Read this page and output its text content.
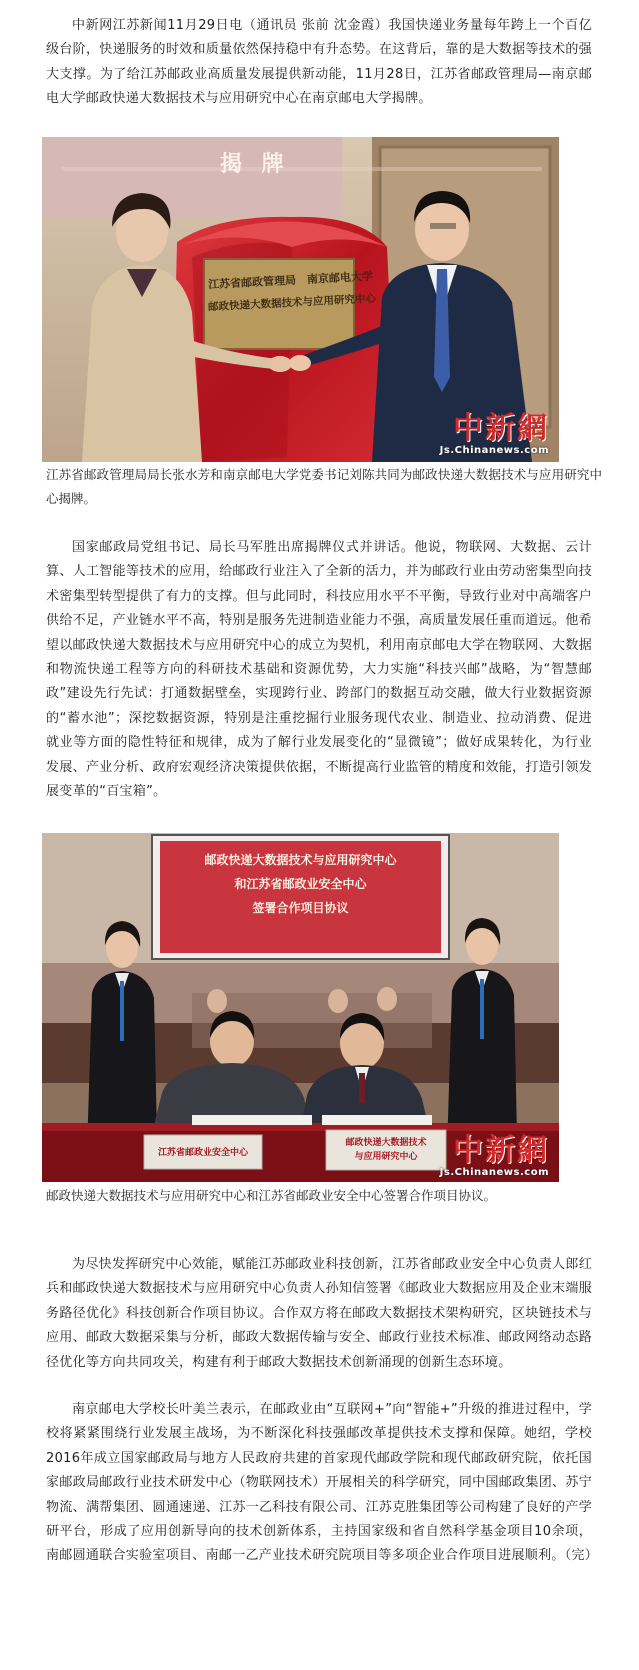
中新网江苏新闻11月29日电（通讯员 张前 沈金霞）我国快递业务量每年跨上一个百亿级台阶，快递服务的时效和质量依然保持稳中有升态势。在这背后，靠的是大数据等技术的强大支撑。为了给江苏邮政业高质量发展提供新动能，11月28日，江苏省邮政管理局—南京邮电大学邮政快递大数据技术与应用研究中心在南京邮电大学揭牌。

江苏省邮政管理局　南京邮电大学
邮政快递大数据技术与应用研究中心
揭 牌
中新網
Js.Chinanews.com

江苏省邮政管理局局长张水芳和南京邮电大学党委书记刘陈共同为邮政快递大数据技术与应用研究中心揭牌。

国家邮政局党组书记、局长马军胜出席揭牌仪式并讲话。他说，物联网、大数据、云计算、人工智能等技术的应用，给邮政行业注入了全新的活力，并为邮政行业由劳动密集型向技术密集型转型提供了有力的支撑。但与此同时，科技应用水平不平衡，导致行业对中高端客户供给不足，产业链水平不高，特别是服务先进制造业能力不强，高质量发展任重而道远。他希望以邮政快递大数据技术与应用研究中心的成立为契机，利用南京邮电大学在物联网、大数据和物流快递工程等方向的科研技术基础和资源优势，大力实施“科技兴邮”战略，为“智慧邮政”建设先行先试：打通数据壁垒，实现跨行业、跨部门的数据互动交融，做大行业数据资源的“蓄水池”；深挖数据资源，特别是注重挖掘行业服务现代农业、制造业、拉动消费、促进就业等方面的隐性特征和规律，成为了解行业发展变化的“显微镜”；做好成果转化，为行业发展、产业分析、政府宏观经济决策提供依据，不断提高行业监管的精度和效能，打造引领发展变革的“百宝箱”。

邮政快递大数据技术与应用研究中心
和江苏省邮政业安全中心
签署合作项目协议
江苏省邮政业安全中心
邮政快递大数据技术
与应用研究中心	中新網
Js.Chinanews.com

邮政快递大数据技术与应用研究中心和江苏省邮政业安全中心签署合作项目协议。

为尽快发挥研究中心效能，赋能江苏邮政业科技创新，江苏省邮政业安全中心负责人郎红兵和邮政快递大数据技术与应用研究中心负责人孙知信签署《邮政业大数据应用及企业末端服务路径优化》科技创新合作项目协议。合作双方将在邮政大数据技术架构研究，区块链技术与应用、邮政大数据采集与分析，邮政大数据传输与安全、邮政行业技术标准、邮政网络动态路径优化等方向共同攻关，构建有利于邮政大数据技术创新涌现的创新生态环境。

南京邮电大学校长叶美兰表示，在邮政业由“互联网+”向“智能+”升级的推进过程中，学校将紧紧围绕行业发展主战场，为不断深化科技强邮改革提供技术支撑和保障。她绍，学校2016年成立国家邮政局与地方人民政府共建的首家现代邮政学院和现代邮政研究院，依托国家邮政局邮政行业技术研发中心（物联网技术）开展相关的科学研究，同中国邮政集团、苏宁物流、满帮集团、圆通速递、江苏一乙科技有限公司、江苏克胜集团等公司构建了良好的产学研平台，形成了应用创新导向的技术创新体系，主持国家级和省自然科学基金项目10余项，南邮圆通联合实验室项目、南邮一乙产业技术研究院项目等多项企业合作项目进展顺利。（完）
